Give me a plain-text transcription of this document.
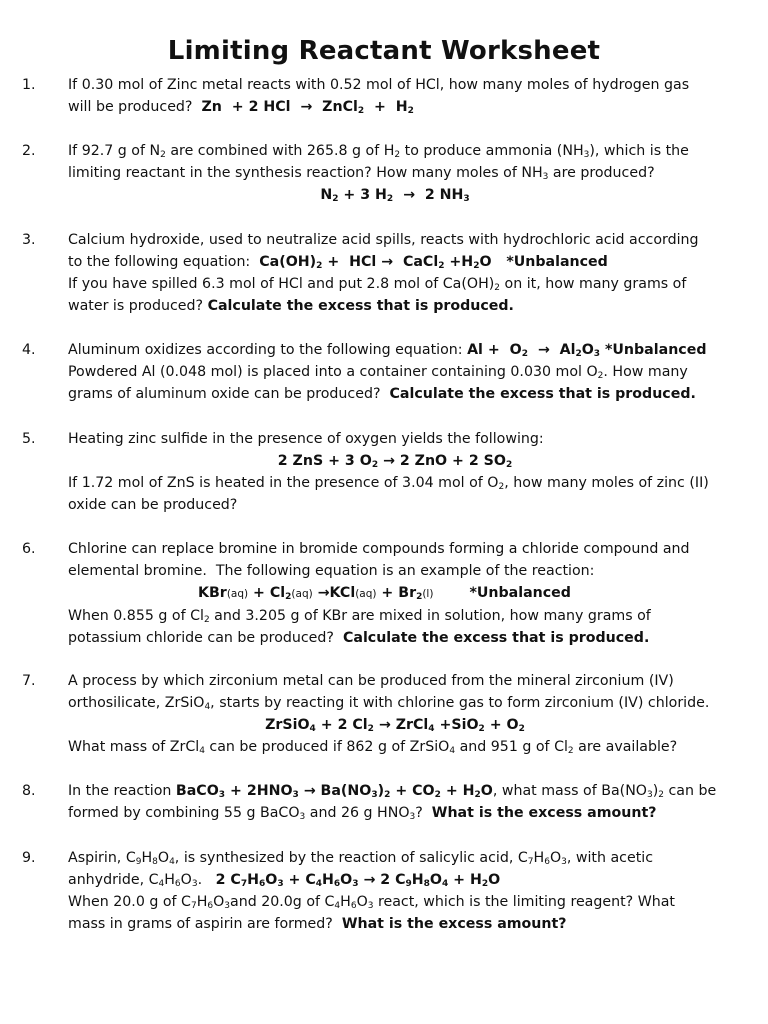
Limiting Reactant Worksheet
1.	If 0.30 mol of Zinc metal reacts with 0.52 mol of HCl, how many moles of hydrogen gas
will be produced?  Zn  + 2 HCl  →  ZnCl$_2$  +  $H_2$
2.	If 92.7 g of $N_2$ are combined with 265.8 g of $H_2$ to produce ammonia $(NH_3)$, which is the
limiting reactant in the synthesis reaction? How many moles of $NH_3$ are produced?
$N_2 + 3$ $H_2 \to 2$ $NH_3$
3.	Calcium hydroxide, used to neutralize acid spills, reacts with hydrochloric acid according
to the following equation:  $Ca(OH)_2$ +  HCl →  CaCl$_2$ $+H_2O$   *Unbalanced
If you have spilled 6.3 mol of HCl and put 2.8 mol of $Ca(OH)_2$ on it, how many grams of
water is produced? Calculate the excess that is produced.
4.	Aluminum oxidizes according to the following equation: $Al + O_2 \to Al_2O_3$ *Unbalanced
Powdered Al (0.048 mol) is placed into a container containing 0.030 mol $O_2$. How many
grams of aluminum oxide can be produced?  Calculate the excess that is produced.
5.	Heating zinc sulfide in the presence of oxygen yields the following:
2 ZnS + 3 $O_2 \to 2$ ZnO + 2 $SO_2$
If 1.72 mol of ZnS is heated in the presence of 3.04 mol of $O_2$, how many moles of zinc (II)
oxide can be produced?
6.	Chlorine can replace bromine in bromide compounds forming a chloride compound and
elemental bromine.  The following equation is an example of the reaction:
$KBr(aq) + Cl_2(aq) \to KCl(aq) + Br_2(l)$	*Unbalanced
When 0.855 g of $Cl_2$ and 3.205 g of KBr are mixed in solution, how many grams of
potassium chloride can be produced?  Calculate the excess that is produced.
7.	A process by which zirconium metal can be produced from the mineral zirconium (IV)
orthosilicate, ZrSiO$_4$, starts by reacting it with chlorine gas to form zirconium (IV) chloride.
ZrSiO$_4$ + 2 $Cl_2$ → ZrCl$_4$ $+SiO_2 + O_2$
What mass of ZrCl$_4$ can be produced if 862 g of ZrSiO$_4$ and 951 g of $Cl_2$ are available?
8.	In the reaction BaCO$_3$ + $2HNO_3 \to Ba(NO_3)_2 + CO_2 + H_2O$, what mass of $Ba(NO_3)_2$ can be
formed by combining 55 g BaCO$_3$ and 26 g $HNO_3$?  What is the excess amount?
9.	Aspirin, $C_9H_8O_4$, is synthesized by the reaction of salicylic acid, $C_7H_6O_3$, with acetic
anhydride, $C_4H_6O_3$.   2 $C_7H_6O_3 + C_4H_6O_3 \to 2$ $C_9H_8O_4 + H_2O$
When 20.0 g of $C_7H_6O_3and$ 20.0g of $C_4H_6O_3$ react, which is the limiting reagent? What
mass in grams of aspirin are formed?  What is the excess amount?
